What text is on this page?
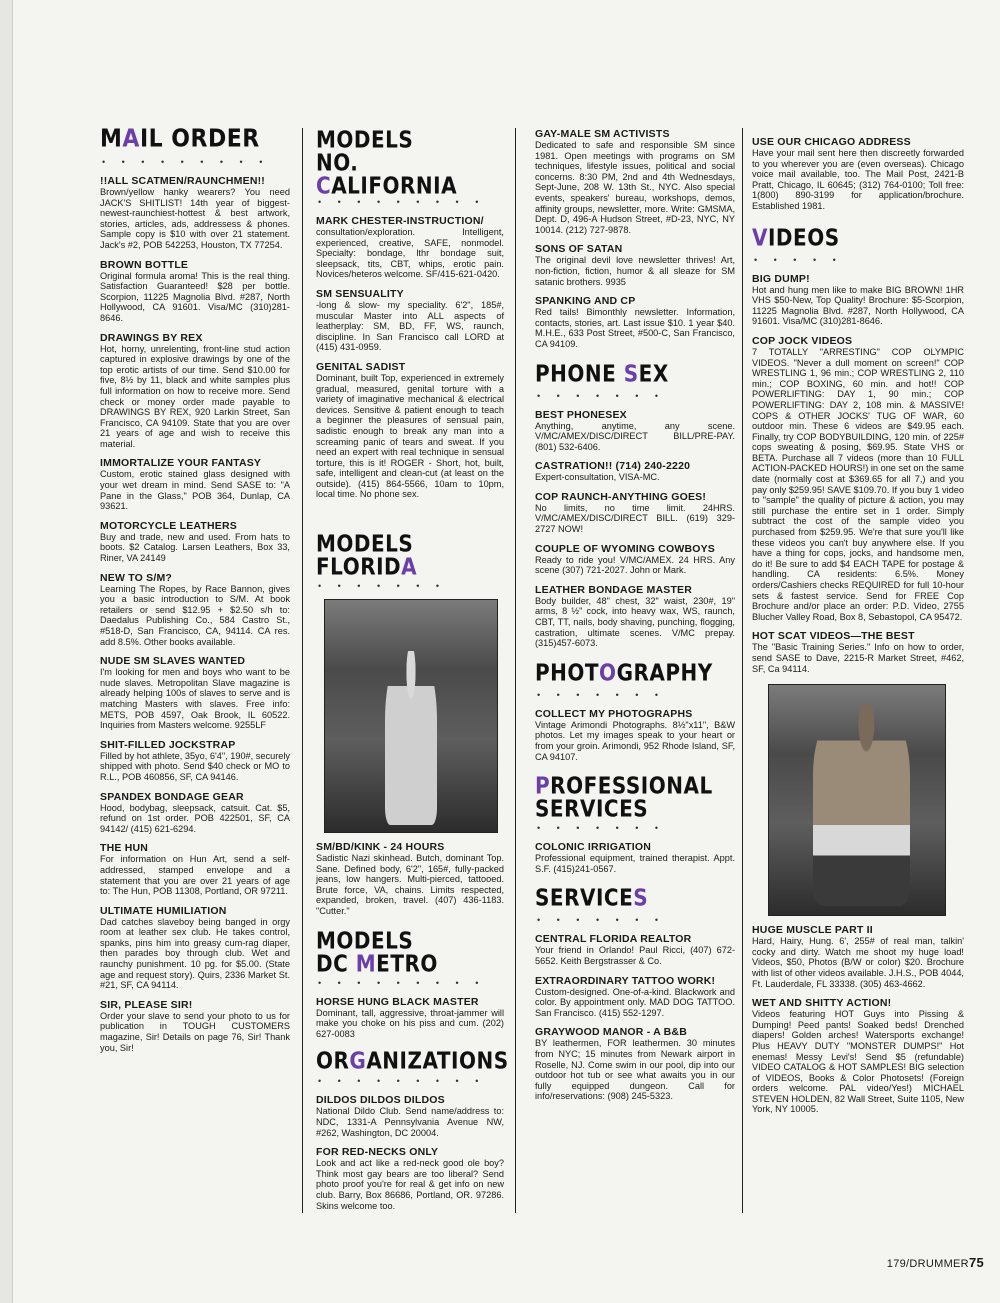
MAIL ORDER
• • • • • • • • •
!!ALL SCATMEN/RAUNCHMEN!!

Brown/yellow hanky wearers? You need JACK'S SHITLIST! 14th year of biggest-newest-raunchiest-hottest & best artwork, stories, articles, ads, addressess & phones. Sample copy is $10 with over 21 statement. Jack's #2, POB 542253, Houston, TX 77254.

BROWN BOTTLE

Original formula aroma! This is the real thing. Satisfaction Guaranteed! $28 per bottle. Scorpion, 11225 Magnolia Blvd. #287, North Hollywood, CA 91601. Visa/MC (310)281-8646.

DRAWINGS BY REX

Hot, horny, unrelenting, front-line stud action captured in explosive drawings by one of the top erotic artists of our time. Send $10.00 for five, 8½ by 11, black and white samples plus full information on how to receive more. Send check or money order made payable to DRAWINGS BY REX, 920 Larkin Street, San Francisco, CA 94109. State that you are over 21 years of age and wish to receive this material.

IMMORTALIZE YOUR FANTASY

Custom, erotic stained glass designed with your wet dream in mind. Send SASE to: "A Pane in the Glass," POB 364, Dunlap, CA 93621.

MOTORCYCLE LEATHERS

Buy and trade, new and used. From hats to boots. $2 Catalog. Larsen Leathers, Box 33, Riner, VA 24149

NEW TO S/M?

Learning The Ropes, by Race Bannon, gives you a basic introduction to S/M. At book retailers or send $12.95 + $2.50 s/h to: Daedalus Publishing Co., 584 Castro St., #518-D, San Francisco, CA, 94114. CA res. add 8.5%. Other books available.

NUDE SM SLAVES WANTED

I'm looking for men and boys who want to be nude slaves. Metropolitan Slave magazine is already helping 100s of slaves to serve and is matching Masters with slaves. Free info: METS, POB 4597, Oak Brook, IL 60522. Inquiries from Masters welcome. 9255LF

SHIT-FILLED JOCKSTRAP

Filled by hot athlete, 35yo, 6'4", 190#, securely shipped with photo. Send $40 check or MO to R.L., POB 460856, SF, CA 94146.

SPANDEX BONDAGE GEAR

Hood, bodybag, sleepsack, catsuit. Cat. $5, refund on 1st order. POB 422501, SF, CA 94142/ (415) 621-6294.

THE HUN

For information on Hun Art, send a self-addressed, stamped envelope and a statement that you are over 21 years of age to: The Hun, POB 11308, Portland, OR 97211.

ULTIMATE HUMILIATION

Dad catches slaveboy being banged in orgy room at leather sex club. He takes control, spanks, pins him into greasy cum-rag diaper, then parades boy through club. Wet and raunchy punishment. 10 pg. for $5.00. (State age and request story). Quirs, 2336 Market St. #21, SF, CA 94114.

SIR, PLEASE SIR!

Order your slave to send your photo to us for publication in TOUGH CUSTOMERS magazine, Sir! Details on page 76, Sir! Thank you, Sir!

MODELS
NO. CALIFORNIA
• • • • • • • • •
MARK CHESTER-INSTRUCTION/

consultation/exploration. Intelligent, experienced, creative, SAFE, nonmodel. Specialty: bondage, lthr bondage suit, sleepsack, tits, CBT, whips, erotic pain. Novices/heteros welcome. SF/415-621-0420.

SM SENSUALITY

-long & slow- my speciality. 6'2", 185#, muscular Master into ALL aspects of leatherplay: SM, BD, FF, WS, raunch, discipline. In San Francisco call LORD at (415) 431-0959.

GENITAL SADIST

Dominant, built Top, experienced in extremely gradual, measured, genital torture with a variety of imaginative mechanical & electrical devices. Sensitive & patient enough to teach a beginner the pleasures of sensual pain, sadistic enough to break any man into a screaming panic of tears and sweat. If you need an expert with real technique in sensual torture, this is it! ROGER - Short, hot, built, safe, intelligent and clean-cut (at least on the outside). (415) 864-5566, 10am to 10pm, local time. No phone sex.

MODELS
FLORIDA
• • • • • • •
SM/BD/KINK - 24 HOURS

Sadistic Nazi skinhead. Butch, dominant Top. Sane. Defined body, 6'2", 165#, fully-packed jeans, low hangers. Multi-pierced, tattooed. Brute force, VA, chains. Limits respected, expanded, broken, travel. (407) 436-1183. "Cutter."

MODELS
DC METRO
• • • • • • • • •
HORSE HUNG BLACK MASTER

Dominant, tall, aggressive, throat-jammer will make you choke on his piss and cum. (202) 627-0083

ORGANIZATIONS
• • • • • • • • •
DILDOS DILDOS DILDOS

National Dildo Club. Send name/address to: NDC, 1331-A Pennsylvania Avenue NW, #262, Washington, DC 20004.

FOR RED-NECKS ONLY

Look and act like a red-neck good ole boy? Think most gay bears are too liberal? Send photo proof you're for real & get info on new club. Barry, Box 86686, Portland, OR. 97286. Skins welcome too.

GAY-MALE SM ACTIVISTS

Dedicated to safe and responsible SM since 1981. Open meetings with programs on SM techniques, lifestyle issues, political and social concerns. 8:30 PM, 2nd and 4th Wednesdays, Sept-June, 208 W. 13th St., NYC. Also special events, speakers' bureau, workshops, demos, affinity groups, newsletter, more. Write: GMSMA, Dept. D, 496-A Hudson Street, #D-23, NYC, NY 10014. (212) 727-9878.

SONS OF SATAN

The original devil love newsletter thrives! Art, non-fiction, fiction, humor & all sleaze for SM satanic brothers. 9935

SPANKING AND CP

Red tails! Bimonthly newsletter. Information, contacts, stories, art. Last issue $10. 1 year $40. M.H.E., 633 Post Street, #500-C, San Francisco, CA 94109.

PHONE SEX
• • • • • • •
BEST PHONESEX

Anything, anytime, any scene. V/MC/AMEX/DISC/DIRECT BILL/PRE-PAY. (801) 532-6406.

CASTRATION!! (714) 240-2220

Expert-consultation, VISA-MC.

COP RAUNCH-ANYTHING GOES!

No limits, no time limit. 24HRS. V/MC/AMEX/DISC/DIRECT BILL. (619) 329-2727 NOW!

COUPLE OF WYOMING COWBOYS

Ready to ride you! V/MC/AMEX. 24 HRS. Any scene (307) 721-2027. John or Mark.

LEATHER BONDAGE MASTER

Body builder, 48" chest, 32" waist, 230#, 19" arms, 8 ½" cock, into heavy wax, WS, raunch, CBT, TT, nails, body shaving, punching, flogging, castration, ultimate scenes. V/MC prepay. (315)457-6073.

PHOTOGRAPHY
• • • • • • •
COLLECT MY PHOTOGRAPHS

Vintage Arimondi Photographs. 8½"x11", B&W photos. Let my images speak to your heart or from your groin. Arimondi, 952 Rhode Island, SF, CA 94107.

PROFESSIONAL
SERVICES
• • • • • • •
COLONIC IRRIGATION

Professional equipment, trained therapist. Appt. S.F. (415)241-0567.

SERVICES
• • • • • • •
CENTRAL FLORIDA REALTOR

Your friend in Orlando! Paul Ricci, (407) 672-5652. Keith Bergstrasser & Co.

EXTRAORDINARY TATTOO WORK!

Custom-designed. One-of-a-kind. Blackwork and color. By appointment only. MAD DOG TATTOO. San Francisco. (415) 552-1297.

GRAYWOOD MANOR - A B&B

BY leathermen, FOR leathermen. 30 minutes from NYC; 15 minutes from Newark airport in Roselle, NJ. Come swim in our pool, dip into our outdoor hot tub or see what awaits you in our fully equipped dungeon. Call for info/reservations: (908) 245-5323.

USE OUR CHICAGO ADDRESS

Have your mail sent here then discreetly forwarded to you wherever you are (even overseas). Chicago voice mail available, too. The Mail Post, 2421-B Pratt, Chicago, IL 60645; (312) 764-0100; Toll free: 1(800) 890-3199 for application/brochure. Established 1981.

VIDEOS
• • • • •
BIG DUMP!

Hot and hung men like to make BIG BROWN! 1HR VHS $50-New, Top Quality! Brochure: $5-Scorpion, 11225 Magnolia Blvd. #287, North Hollywood, CA 91601. Visa/MC (310)281-8646.

COP JOCK VIDEOS

7 TOTALLY "ARRESTING" COP OLYMPIC VIDEOS. "Never a dull moment on screen!" COP WRESTLING 1, 96 min.; COP WRESTLING 2, 110 min.; COP BOXING, 60 min. and hot!! COP POWERLIFTING: DAY 1, 90 min.; COP POWERLIFTING: DAY 2, 108 min. & MASSIVE! COPS & OTHER JOCKS' TUG OF WAR, 60 outdoor min. These 6 videos are $49.95 each. Finally, try COP BODYBUILDING, 120 min. of 225# cops sweating & posing, $69.95. State VHS or BETA. Purchase all 7 videos (more than 10 FULL ACTION-PACKED HOURS!) in one set on the same date (normally cost at $369.65 for all 7,) and you pay only $259.95! SAVE $109.70. If you buy 1 video to "sample" the quality of picture & action, you may still purchase the entire set in 1 order. Simply subtract the cost of the sample video you purchased from $259.95. We're that sure you'll like these videos you can't buy anywhere else. If you have a thing for cops, jocks, and handsome men, do it! Be sure to add $4 EACH TAPE for postage & handling. CA residents: 6.5%. Money orders/Cashiers checks REQUIRED for full 10-hour sets & fastest service. Send for FREE Cop Brochure and/or place an order: P.D. Video, 2755 Blucher Valley Road, Box 8, Sebastopol, CA 95472.

HOT SCAT VIDEOS—THE BEST

The "Basic Training Series." Info on how to order, send SASE to Dave, 2215-R Market Street, #462, SF, Ca 94114.

HUGE MUSCLE PART II

Hard, Hairy, Hung. 6', 255# of real man, talkin' cocky and dirty. Watch me shoot my huge load! Videos, $50, Photos (B/W or color) $20. Brochure with list of other videos available. J.H.S., POB 4044, Ft. Lauderdale, FL 33338. (305) 463-4662.

WET AND SHITTY ACTION!

Videos featuring HOT Guys into Pissing & Dumping! Peed pants! Soaked beds! Drenched diapers! Golden arches! Watersports exchange! Plus HEAVY DUTY "MONSTER DUMPS!" Hot enemas! Messy Levi's! Send $5 (refundable) VIDEO CATALOG & HOT SAMPLES! BIG selection of VIDEOS, Books & Color Photosets! (Foreign orders welcome. PAL video/Yes!) MICHAEL STEVEN HOLDEN, 82 Wall Street, Suite 1105, New York, NY 10005.

179/DRUMMER75
